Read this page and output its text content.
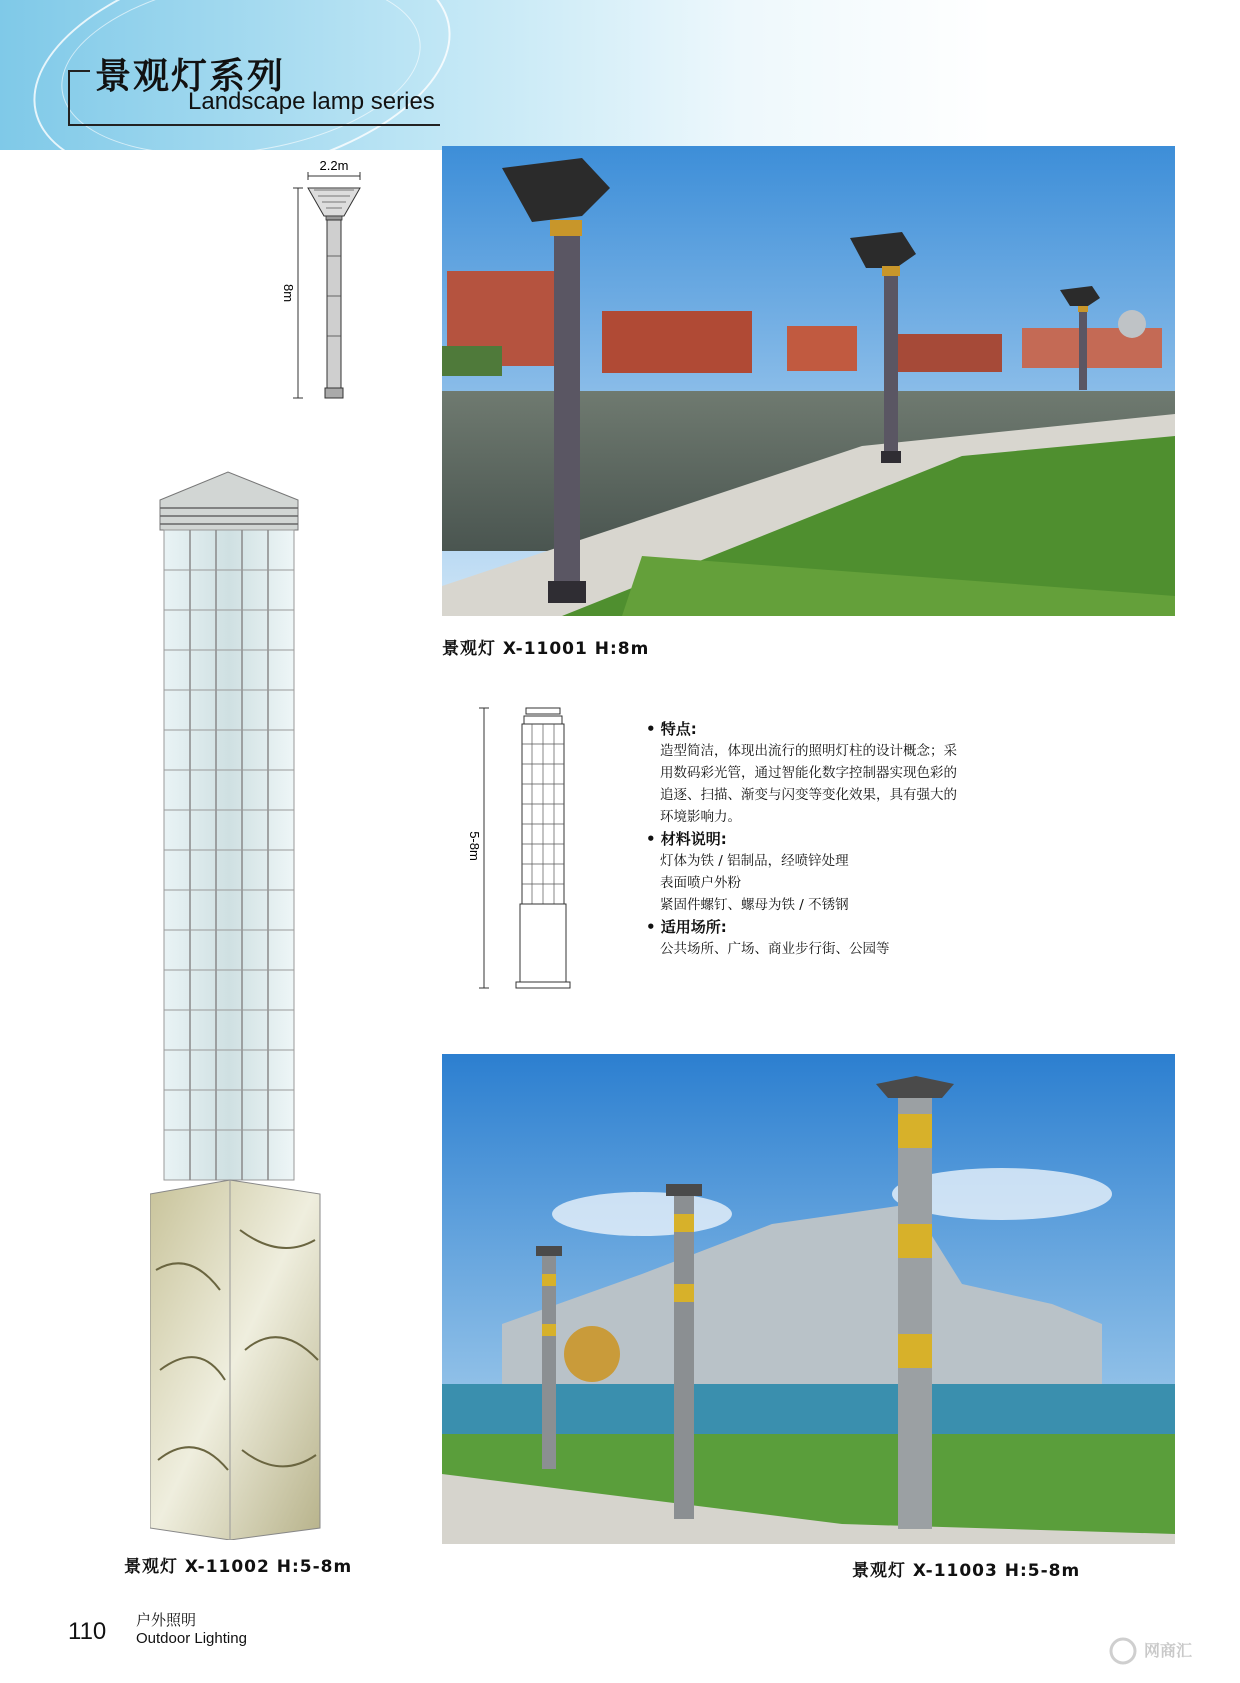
景观灯系列
Landscape lamp series
2.2m
8m
景观灯 X-11001 H:8m
5-8m
• 特点:
造型简洁，体现出流行的照明灯柱的设计概念；采
用数码彩光管，通过智能化数字控制器实现色彩的
追逐、扫描、渐变与闪变等变化效果，具有强大的
环境影响力。
• 材料说明:
灯体为铁 / 铝制品，经喷锌处理
表面喷户外粉
紧固件螺钉、螺母为铁 / 不锈钢
• 适用场所:
公共场所、广场、商业步行街、公园等
景观灯 X-11002 H:5-8m	景观灯 X-11003 H:5-8m
110 户外照明
Outdoor Lighting
网商汇
